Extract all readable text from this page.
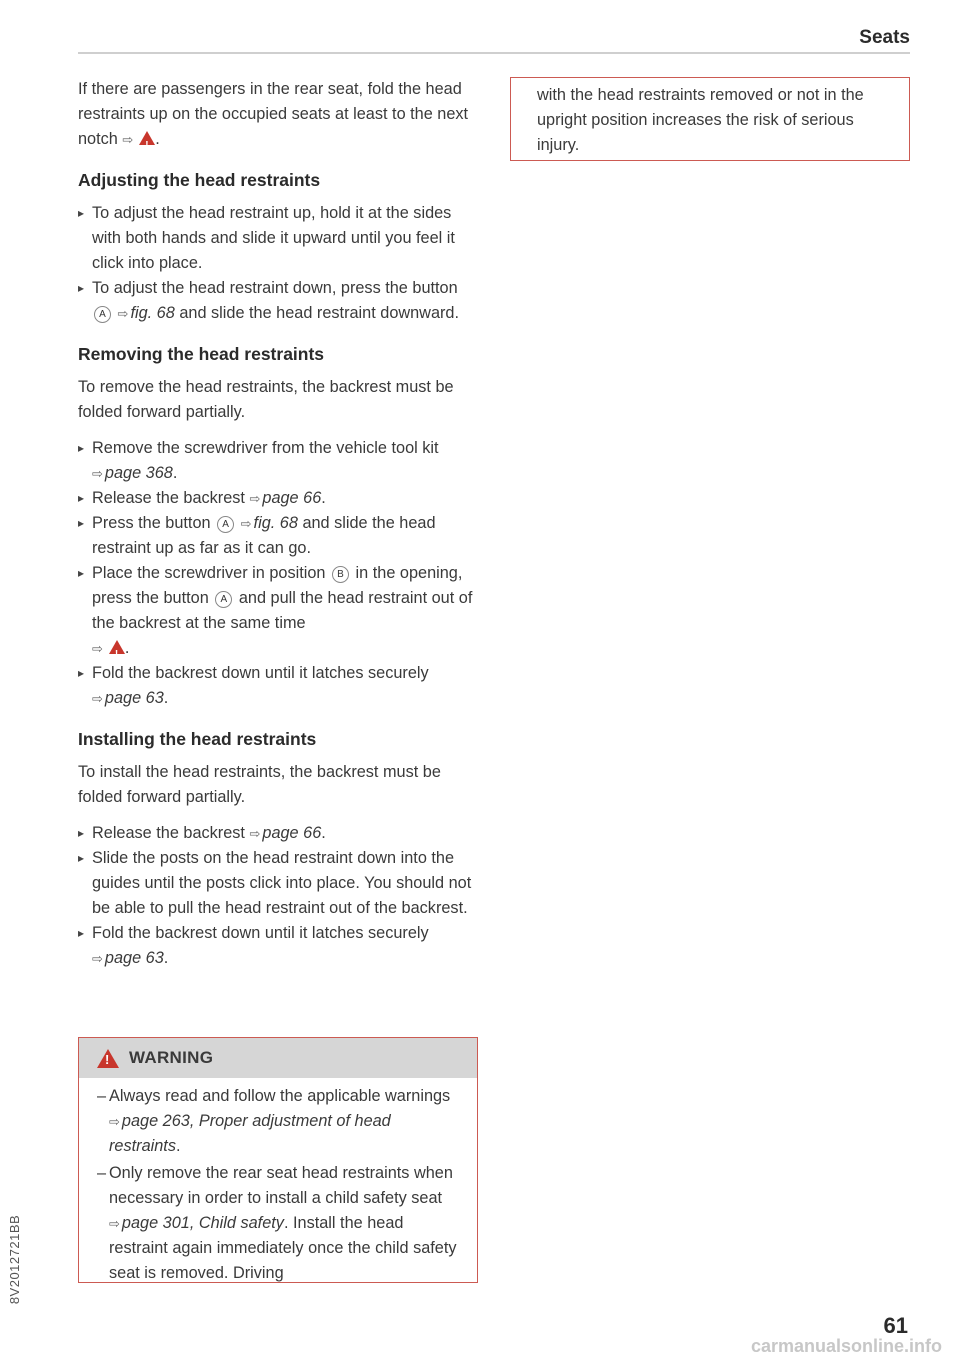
Seats

If there are passengers in the rear seat, fold the head restraints up on the occupied seats at least to the next notch ⇨ ! .

Adjusting the head restraints
▸ To adjust the head restraint up, hold it at the sides with both hands and slide it upward until you feel it click into place.
▸ To adjust the head restraint down, press the button A ⇨ fig. 68 and slide the head restraint downward.
Removing the head restraints

To remove the head restraints, the backrest must be folded forward partially.

▸ Remove the screwdriver from the vehicle tool kit ⇨ page 368.
▸ Release the backrest ⇨ page 66.
▸ Press the button A ⇨ fig. 68 and slide the head restraint up as far as it can go.
▸ Place the screwdriver in position B in the opening, press the button A and pull the head restraint out of the backrest at the same time
⇨ ! .
▸ Fold the backrest down until it latches securely
⇨ page 63.
Installing the head restraints

To install the head restraints, the backrest must be folded forward partially.

▸ Release the backrest ⇨ page 66.
▸ Slide the posts on the head restraint down into the guides until the posts click into place. You should not be able to pull the head restraint out of the backrest.
▸ Fold the backrest down until it latches securely
⇨ page 63.
!
WARNING

– Always read and follow the applicable warnings ⇨ page 263, Proper adjustment of head restraints.

– Only remove the rear seat head restraints when necessary in order to install a child safety seat ⇨ page 301, Child safety. Install the head restraint again immediately once the child safety seat is removed. Driving

with the head restraints removed or not in the upright position increases the risk of serious injury.

8V2012721BB
61
carmanualsonline.info
